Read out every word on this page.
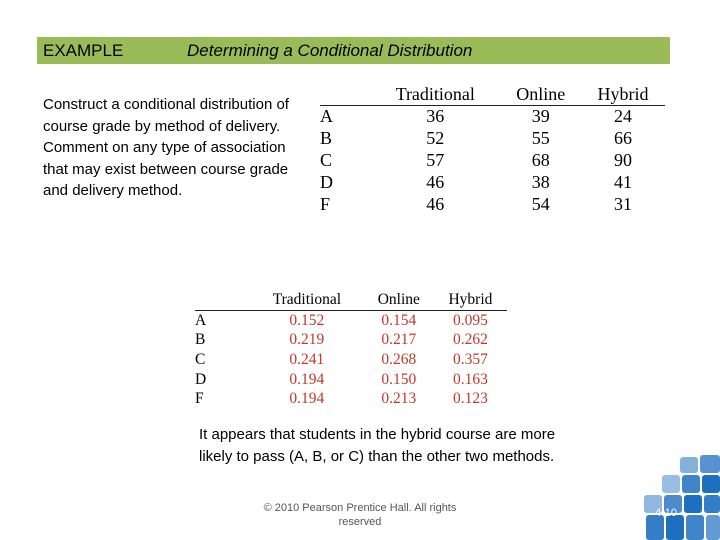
EXAMPLE	Determining a Conditional Distribution
Construct a conditional distribution of course grade by method of delivery. Comment on any type of association that may exist between course grade and delivery method.
	Traditional	Online	Hybrid
A	36	39	24
B	52	55	66
C	57	68	90
D	46	38	41
F	46	54	31
	Traditional	Online	Hybrid
A	0.152	0.154	0.095
B	0.219	0.217	0.262
C	0.241	0.268	0.357
D	0.194	0.150	0.163
F	0.194	0.213	0.123
It appears that students in the hybrid course are more likely to pass (A, B, or C) than the other two methods.
© 2010 Pearson Prentice Hall. All rights
reserved
4-10
